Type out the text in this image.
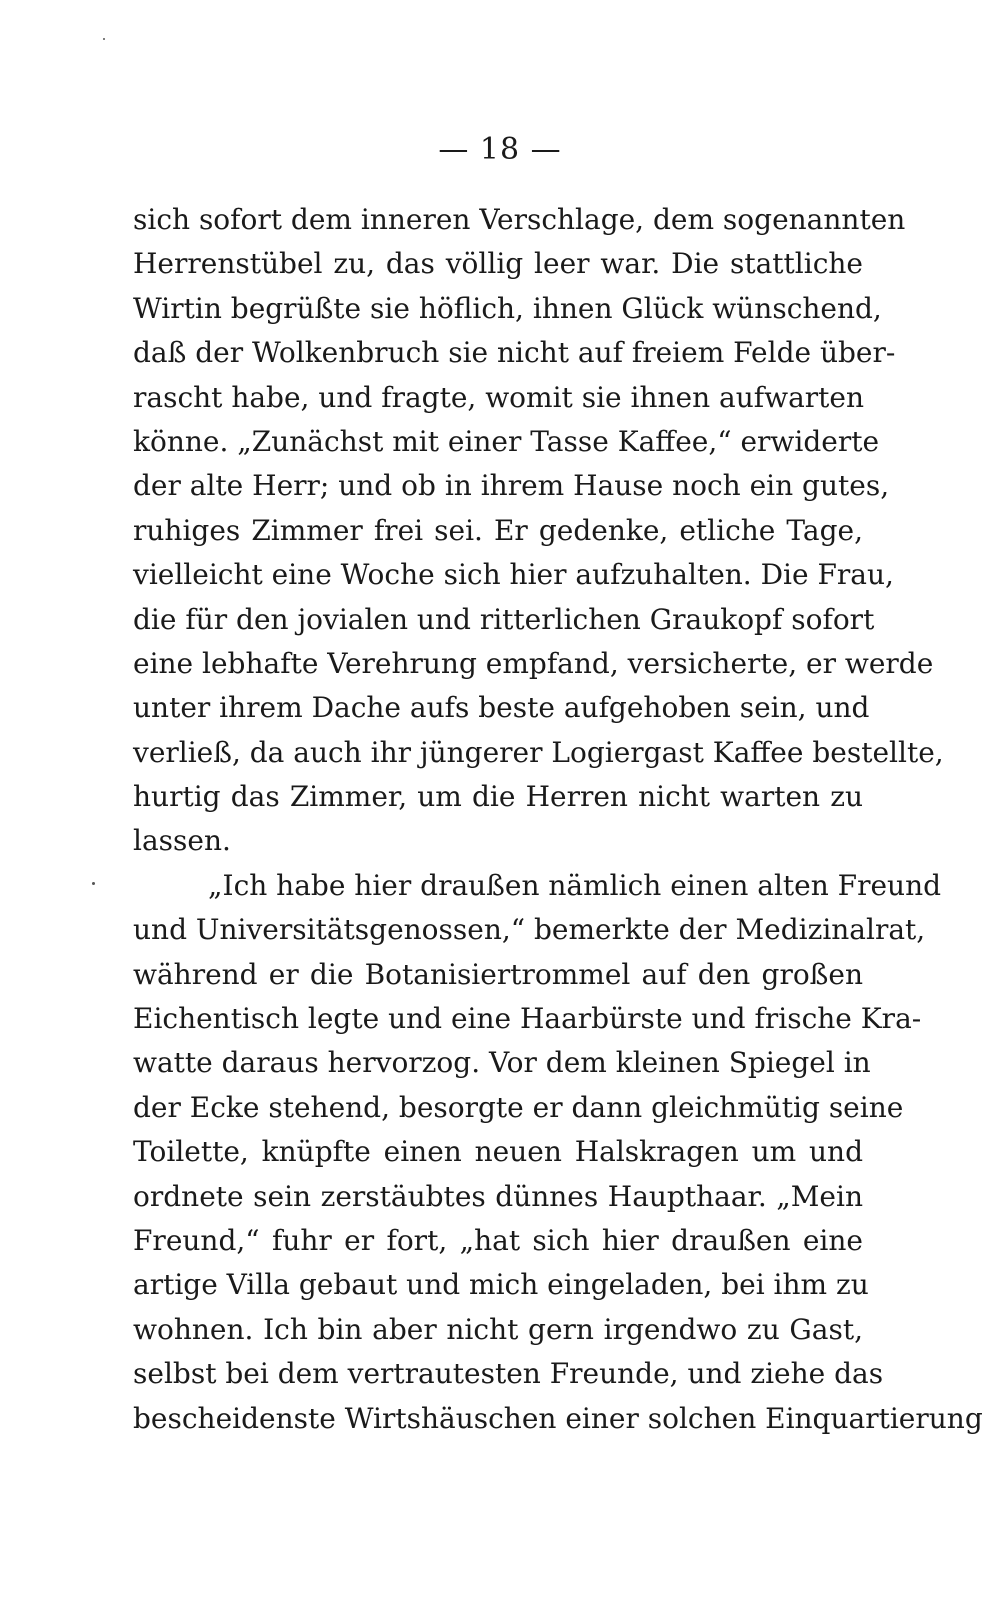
— 18 —
sich sofort dem inneren Verschlage, dem sogenannten
Herrenstübel zu, das völlig leer war. Die stattliche
Wirtin begrüßte sie höflich, ihnen Glück wünschend,
daß der Wolkenbruch sie nicht auf freiem Felde über-
rascht habe, und fragte, womit sie ihnen aufwarten
könne. „Zunächst mit einer Tasse Kaffee,“ erwiderte
der alte Herr; und ob in ihrem Hause noch ein gutes,
ruhiges Zimmer frei sei. Er gedenke, etliche Tage,
vielleicht eine Woche sich hier aufzuhalten. Die Frau,
die für den jovialen und ritterlichen Graukopf sofort
eine lebhafte Verehrung empfand, versicherte, er werde
unter ihrem Dache aufs beste aufgehoben sein, und
verließ, da auch ihr jüngerer Logiergast Kaffee bestellte,
hurtig das Zimmer, um die Herren nicht warten zu
lassen.
„Ich habe hier draußen nämlich einen alten Freund
und Universitätsgenossen,“ bemerkte der Medizinalrat,
während er die Botanisiertrommel auf den großen
Eichentisch legte und eine Haarbürste und frische Kra-
watte daraus hervorzog. Vor dem kleinen Spiegel in
der Ecke stehend, besorgte er dann gleichmütig seine
Toilette, knüpfte einen neuen Halskragen um und
ordnete sein zerstäubtes dünnes Haupthaar. „Mein
Freund,“ fuhr er fort, „hat sich hier draußen eine
artige Villa gebaut und mich eingeladen, bei ihm zu
wohnen. Ich bin aber nicht gern irgendwo zu Gast,
selbst bei dem vertrautesten Freunde, und ziehe das
bescheidenste Wirtshäuschen einer solchen Einquartierung
